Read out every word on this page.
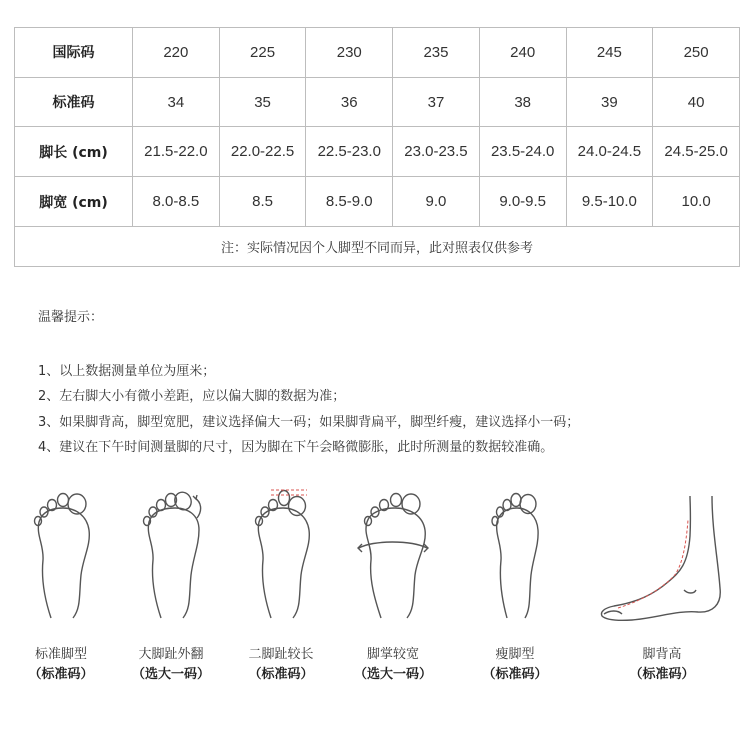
国际码	220	225	230	235	240	245	250
标准码	34	35	36	37	38	39	40
脚长 (cm)	21.5-22.0	22.0-22.5	22.5-23.0	23.0-23.5	23.5-24.0	24.0-24.5	24.5-25.0
脚宽 (cm)	8.0-8.5	8.5	8.5-9.0	9.0	9.0-9.5	9.5-10.0	10.0
注：实际情况因个人脚型不同而异，此对照表仅供参考							
温馨提示：
1、以上数据测量单位为厘米；
2、左右脚大小有微小差距，应以偏大脚的数据为准；
3、如果脚背高，脚型宽肥，建议选择偏大一码；如果脚背扁平，脚型纤瘦，建议选择小一码；
4、建议在下午时间测量脚的尺寸，因为脚在下午会略微膨胀，此时所测量的数据较准确。
标准脚型
（标准码）
大脚趾外翻
（选大一码）
二脚趾较长
（标准码）
脚掌较宽
（选大一码）
瘦脚型
（标准码）
脚背高
（标准码）
